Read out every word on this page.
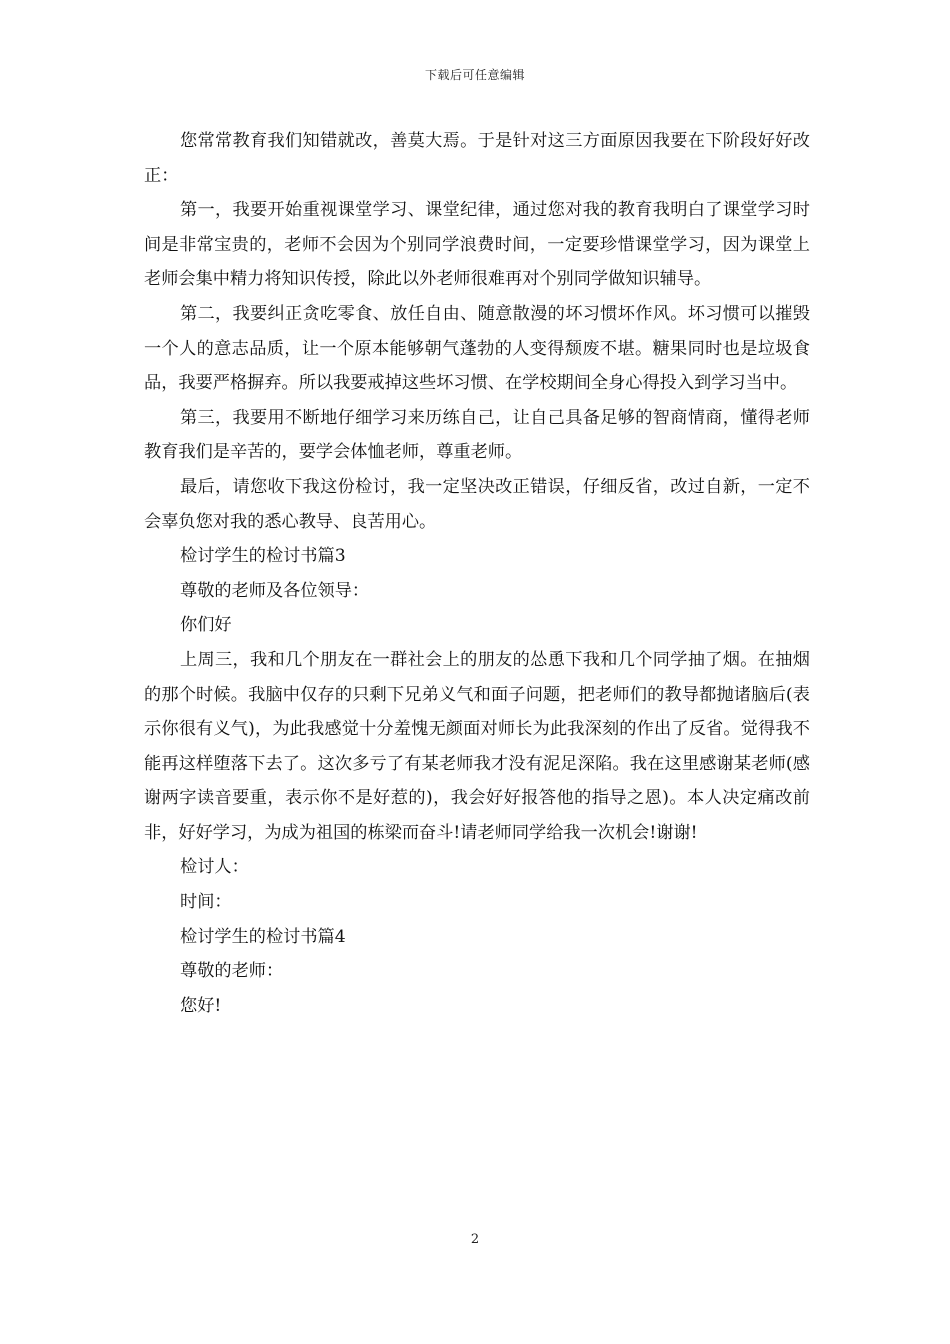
下载后可任意编辑

您常常教育我们知错就改，善莫大焉。于是针对这三方面原因我要在下阶段好好改正：

第一，我要开始重视课堂学习、课堂纪律，通过您对我的教育我明白了课堂学习时间是非常宝贵的，老师不会因为个别同学浪费时间，一定要珍惜课堂学习，因为课堂上老师会集中精力将知识传授，除此以外老师很难再对个别同学做知识辅导。

第二，我要纠正贪吃零食、放任自由、随意散漫的坏习惯坏作风。坏习惯可以摧毁一个人的意志品质，让一个原本能够朝气蓬勃的人变得颓废不堪。糖果同时也是垃圾食品，我要严格摒弃。所以我要戒掉这些坏习惯、在学校期间全身心得投入到学习当中。

第三，我要用不断地仔细学习来历练自己，让自己具备足够的智商情商，懂得老师教育我们是辛苦的，要学会体恤老师，尊重老师。

最后，请您收下我这份检讨，我一定坚决改正错误，仔细反省，改过自新，一定不会辜负您对我的悉心教导、良苦用心。

检讨学生的检讨书篇3

尊敬的老师及各位领导：

你们好

上周三，我和几个朋友在一群社会上的朋友的怂恿下我和几个同学抽了烟。在抽烟的那个时候。我脑中仅存的只剩下兄弟义气和面子问题，把老师们的教导都抛诸脑后(表示你很有义气)，为此我感觉十分羞愧无颜面对师长为此我深刻的作出了反省。觉得我不能再这样堕落下去了。这次多亏了有某老师我才没有泥足深陷。我在这里感谢某老师(感谢两字读音要重，表示你不是好惹的)，我会好好报答他的指导之恩)。本人决定痛改前非，好好学习，为成为祖国的栋梁而奋斗!请老师同学给我一次机会!谢谢!

检讨人：

时间：

检讨学生的检讨书篇4

尊敬的老师：

您好!

2
